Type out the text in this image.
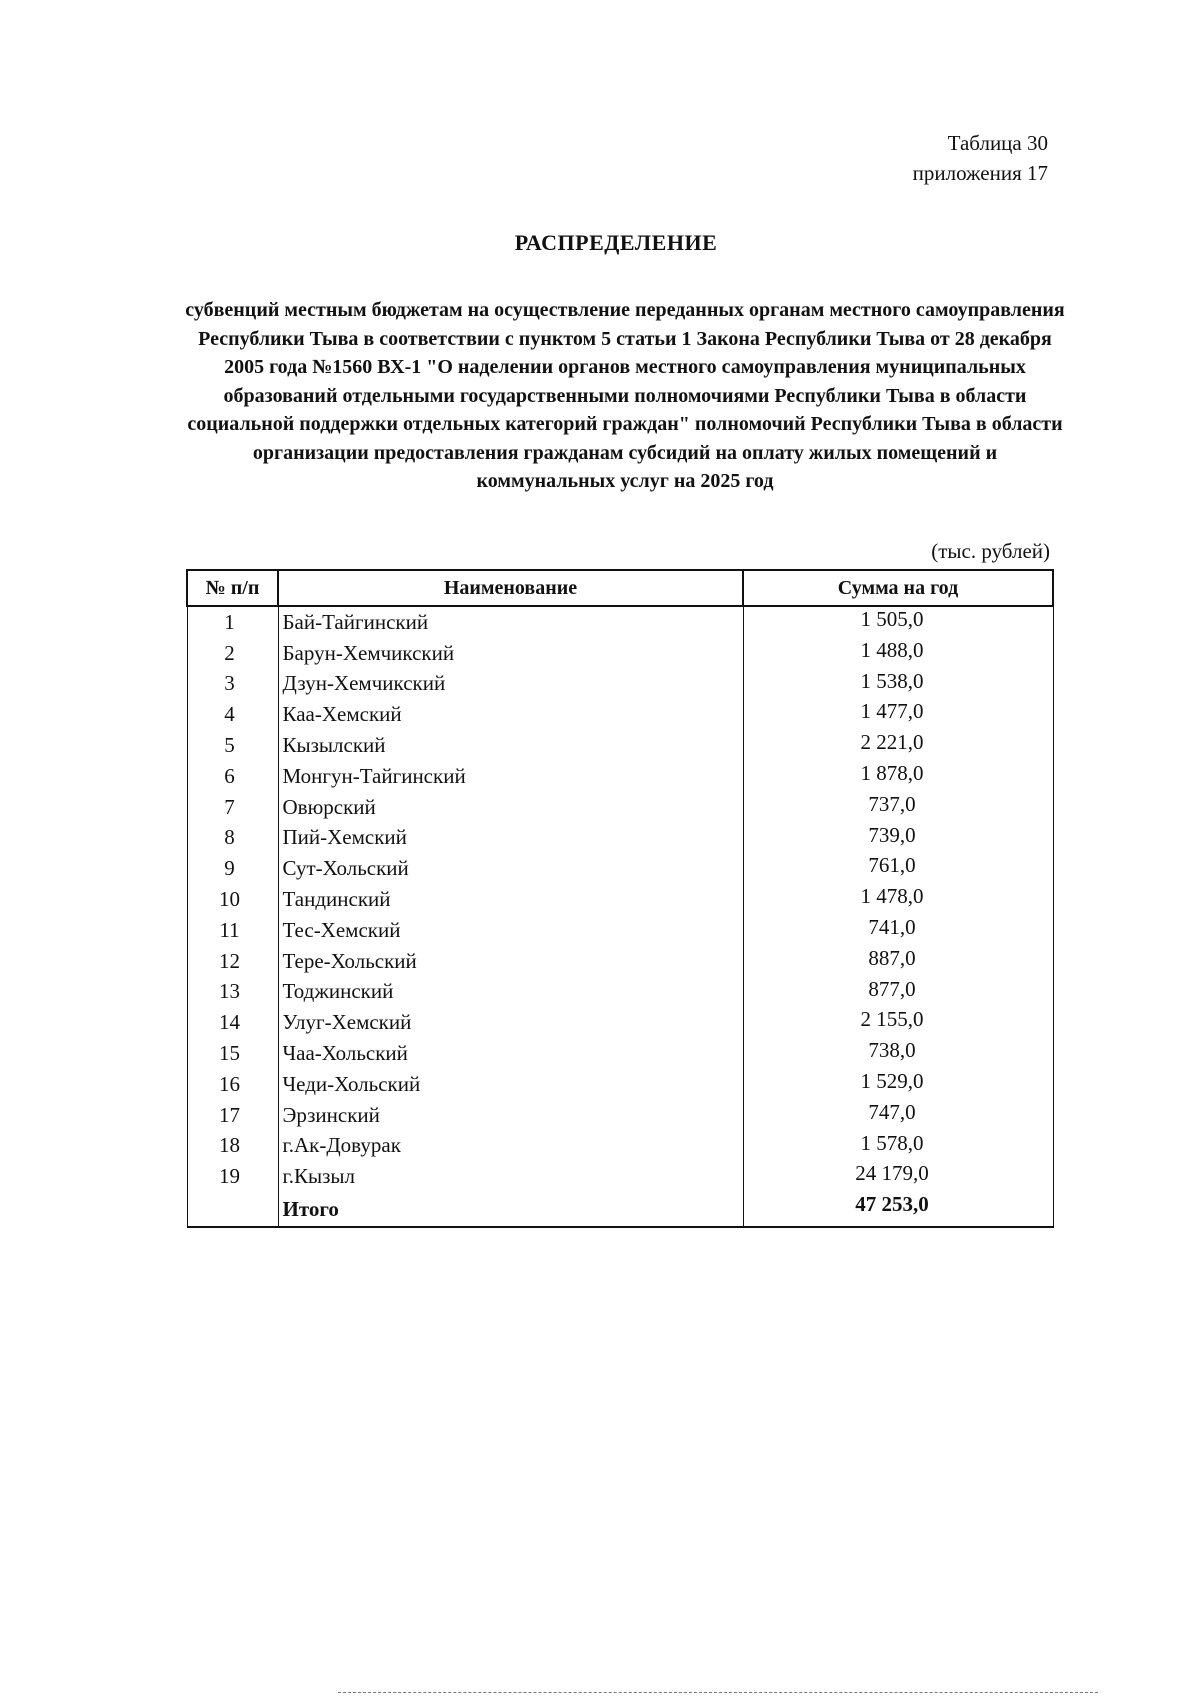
Таблица 30
приложения 17
РАСПРЕДЕЛЕНИЕ
субвенций местным бюджетам на осуществление переданных органам местного самоуправления Республики Тыва в соответствии с пунктом 5 статьи 1 Закона Республики Тыва от 28 декабря 2005 года №1560 ВХ-1 "О наделении органов местного самоуправления муниципальных образований отдельными государственными полномочиями Республики Тыва в области социальной поддержки отдельных категорий граждан" полномочий Республики Тыва в области организации предоставления гражданам субсидий на оплату жилых помещений и коммунальных услуг на 2025 год
(тыс. рублей)
№ п/п	Наименование	Сумма на год
1	Бай-Тайгинский	1 505,0
2	Барун-Хемчикский	1 488,0
3	Дзун-Хемчикский	1 538,0
4	Каа-Хемский	1 477,0
5	Кызылский	2 221,0
6	Монгун-Тайгинский	1 878,0
7	Овюрский	737,0
8	Пий-Хемский	739,0
9	Сут-Хольский	761,0
10	Тандинский	1 478,0
11	Тес-Хемский	741,0
12	Тере-Хольский	887,0
13	Тоджинский	877,0
14	Улуг-Хемский	2 155,0
15	Чаа-Хольский	738,0
16	Чеди-Хольский	1 529,0
17	Эрзинский	747,0
18	г.Ак-Довурак	1 578,0
19	г.Кызыл	24 179,0
	Итого	47 253,0
